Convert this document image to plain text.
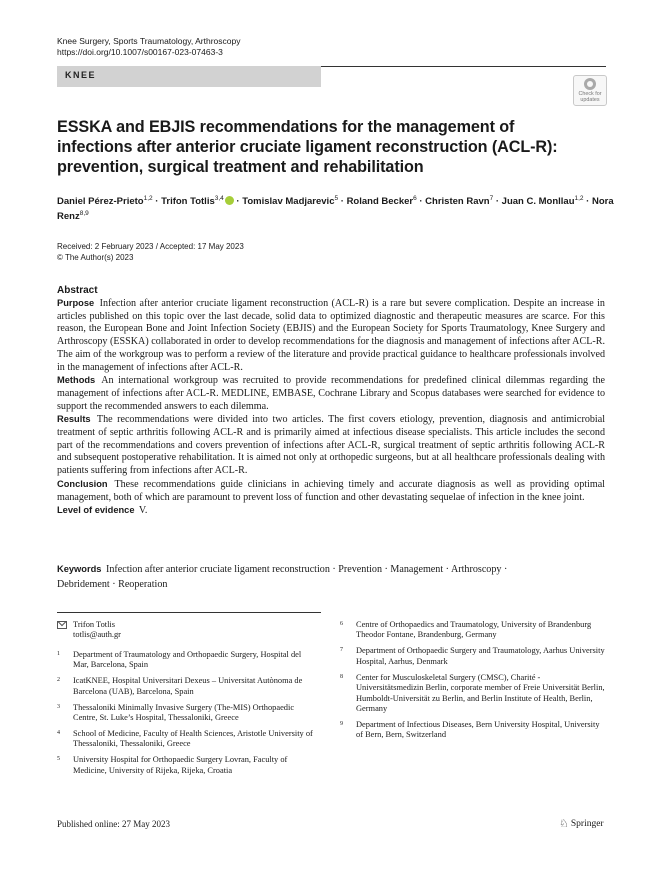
Knee Surgery, Sports Traumatology, Arthroscopy
https://doi.org/10.1007/s00167-023-07463-3
KNEE
Check for
updates
ESSKA and EBJIS recommendations for the management of infections after anterior cruciate ligament reconstruction (ACL-R): prevention, surgical treatment and rehabilitation
Daniel Pérez-Prieto$^{1,2}$ · Trifon Totlis$^{3,4}$ · Tomislav Madjarevic$^5$ · Roland Becker$^6$ · Christen Ravn$^7$ · Juan C. Monllau$^{1,2}$ · Nora Renz$^{8,9}$
Received: 2 February 2023 / Accepted: 17 May 2023
© The Author(s) 2023
Abstract

Purpose Infection after anterior cruciate ligament reconstruction (ACL-R) is a rare but severe complication. Despite an increase in articles published on this topic over the last decade, solid data to optimized diagnostic and therapeutic measures are scarce. For this reason, the European Bone and Joint Infection Society (EBJIS) and the European Society for Sports Traumatology, Knee Surgery and Arthroscopy (ESSKA) collaborated in order to develop recommendations for the diagnosis and management of infections after ACL-R. The aim of the workgroup was to perform a review of the literature and provide practical guidance to healthcare professionals involved in the management of infections after ACL-R.

Methods An international workgroup was recruited to provide recommendations for predefined clinical dilemmas regarding the management of infections after ACL-R. MEDLINE, EMBASE, Cochrane Library and Scopus databases were searched for evidence to support the recommended answers to each dilemma.

Results The recommendations were divided into two articles. The first covers etiology, prevention, diagnosis and antimicrobial treatment of septic arthritis following ACL-R and is primarily aimed at infectious disease specialists. This article includes the second part of the recommendations and covers prevention of infections after ACL-R, surgical treatment of septic arthritis following ACL-R and subsequent postoperative rehabilitation. It is aimed not only at orthopedic surgeons, but at all healthcare professionals dealing with patients suffering from infections after ACL-R.

Conclusion These recommendations guide clinicians in achieving timely and accurate diagnosis as well as providing optimal management, both of which are paramount to prevent loss of function and other devastating sequelae of infection in the knee joint.

Level of evidence V.

Keywords Infection after anterior cruciate ligament reconstruction · Prevention · Management · Arthroscopy · Debridement · Reoperation
Trifon Totlis
totlis@auth.gr
1 Department of Traumatology and Orthopaedic Surgery, Hospital del Mar, Barcelona, Spain
2 IcatKNEE, Hospital Universitari Dexeus – Universitat Autònoma de Barcelona (UAB), Barcelona, Spain
3 Thessaloniki Minimally Invasive Surgery (The-MIS) Orthopaedic Centre, St. Luke’s Hospital, Thessaloniki, Greece
4 School of Medicine, Faculty of Health Sciences, Aristotle University of Thessaloniki, Thessaloniki, Greece
5 University Hospital for Orthopaedic Surgery Lovran, Faculty of Medicine, University of Rijeka, Rijeka, Croatia
6 Centre of Orthopaedics and Traumatology, University of Brandenburg Theodor Fontane, Brandenburg, Germany
7 Department of Orthopaedic Surgery and Traumatology, Aarhus University Hospital, Aarhus, Denmark
8 Center for Musculoskeletal Surgery (CMSC), Charité - Universitätsmedizin Berlin, corporate member of Freie Universität Berlin, Humboldt-Universität zu Berlin, and Berlin Institute of Health, Berlin, Germany
9 Department of Infectious Diseases, Bern University Hospital, University of Bern, Bern, Switzerland
Published online: 27 May 2023	♘ Springer
